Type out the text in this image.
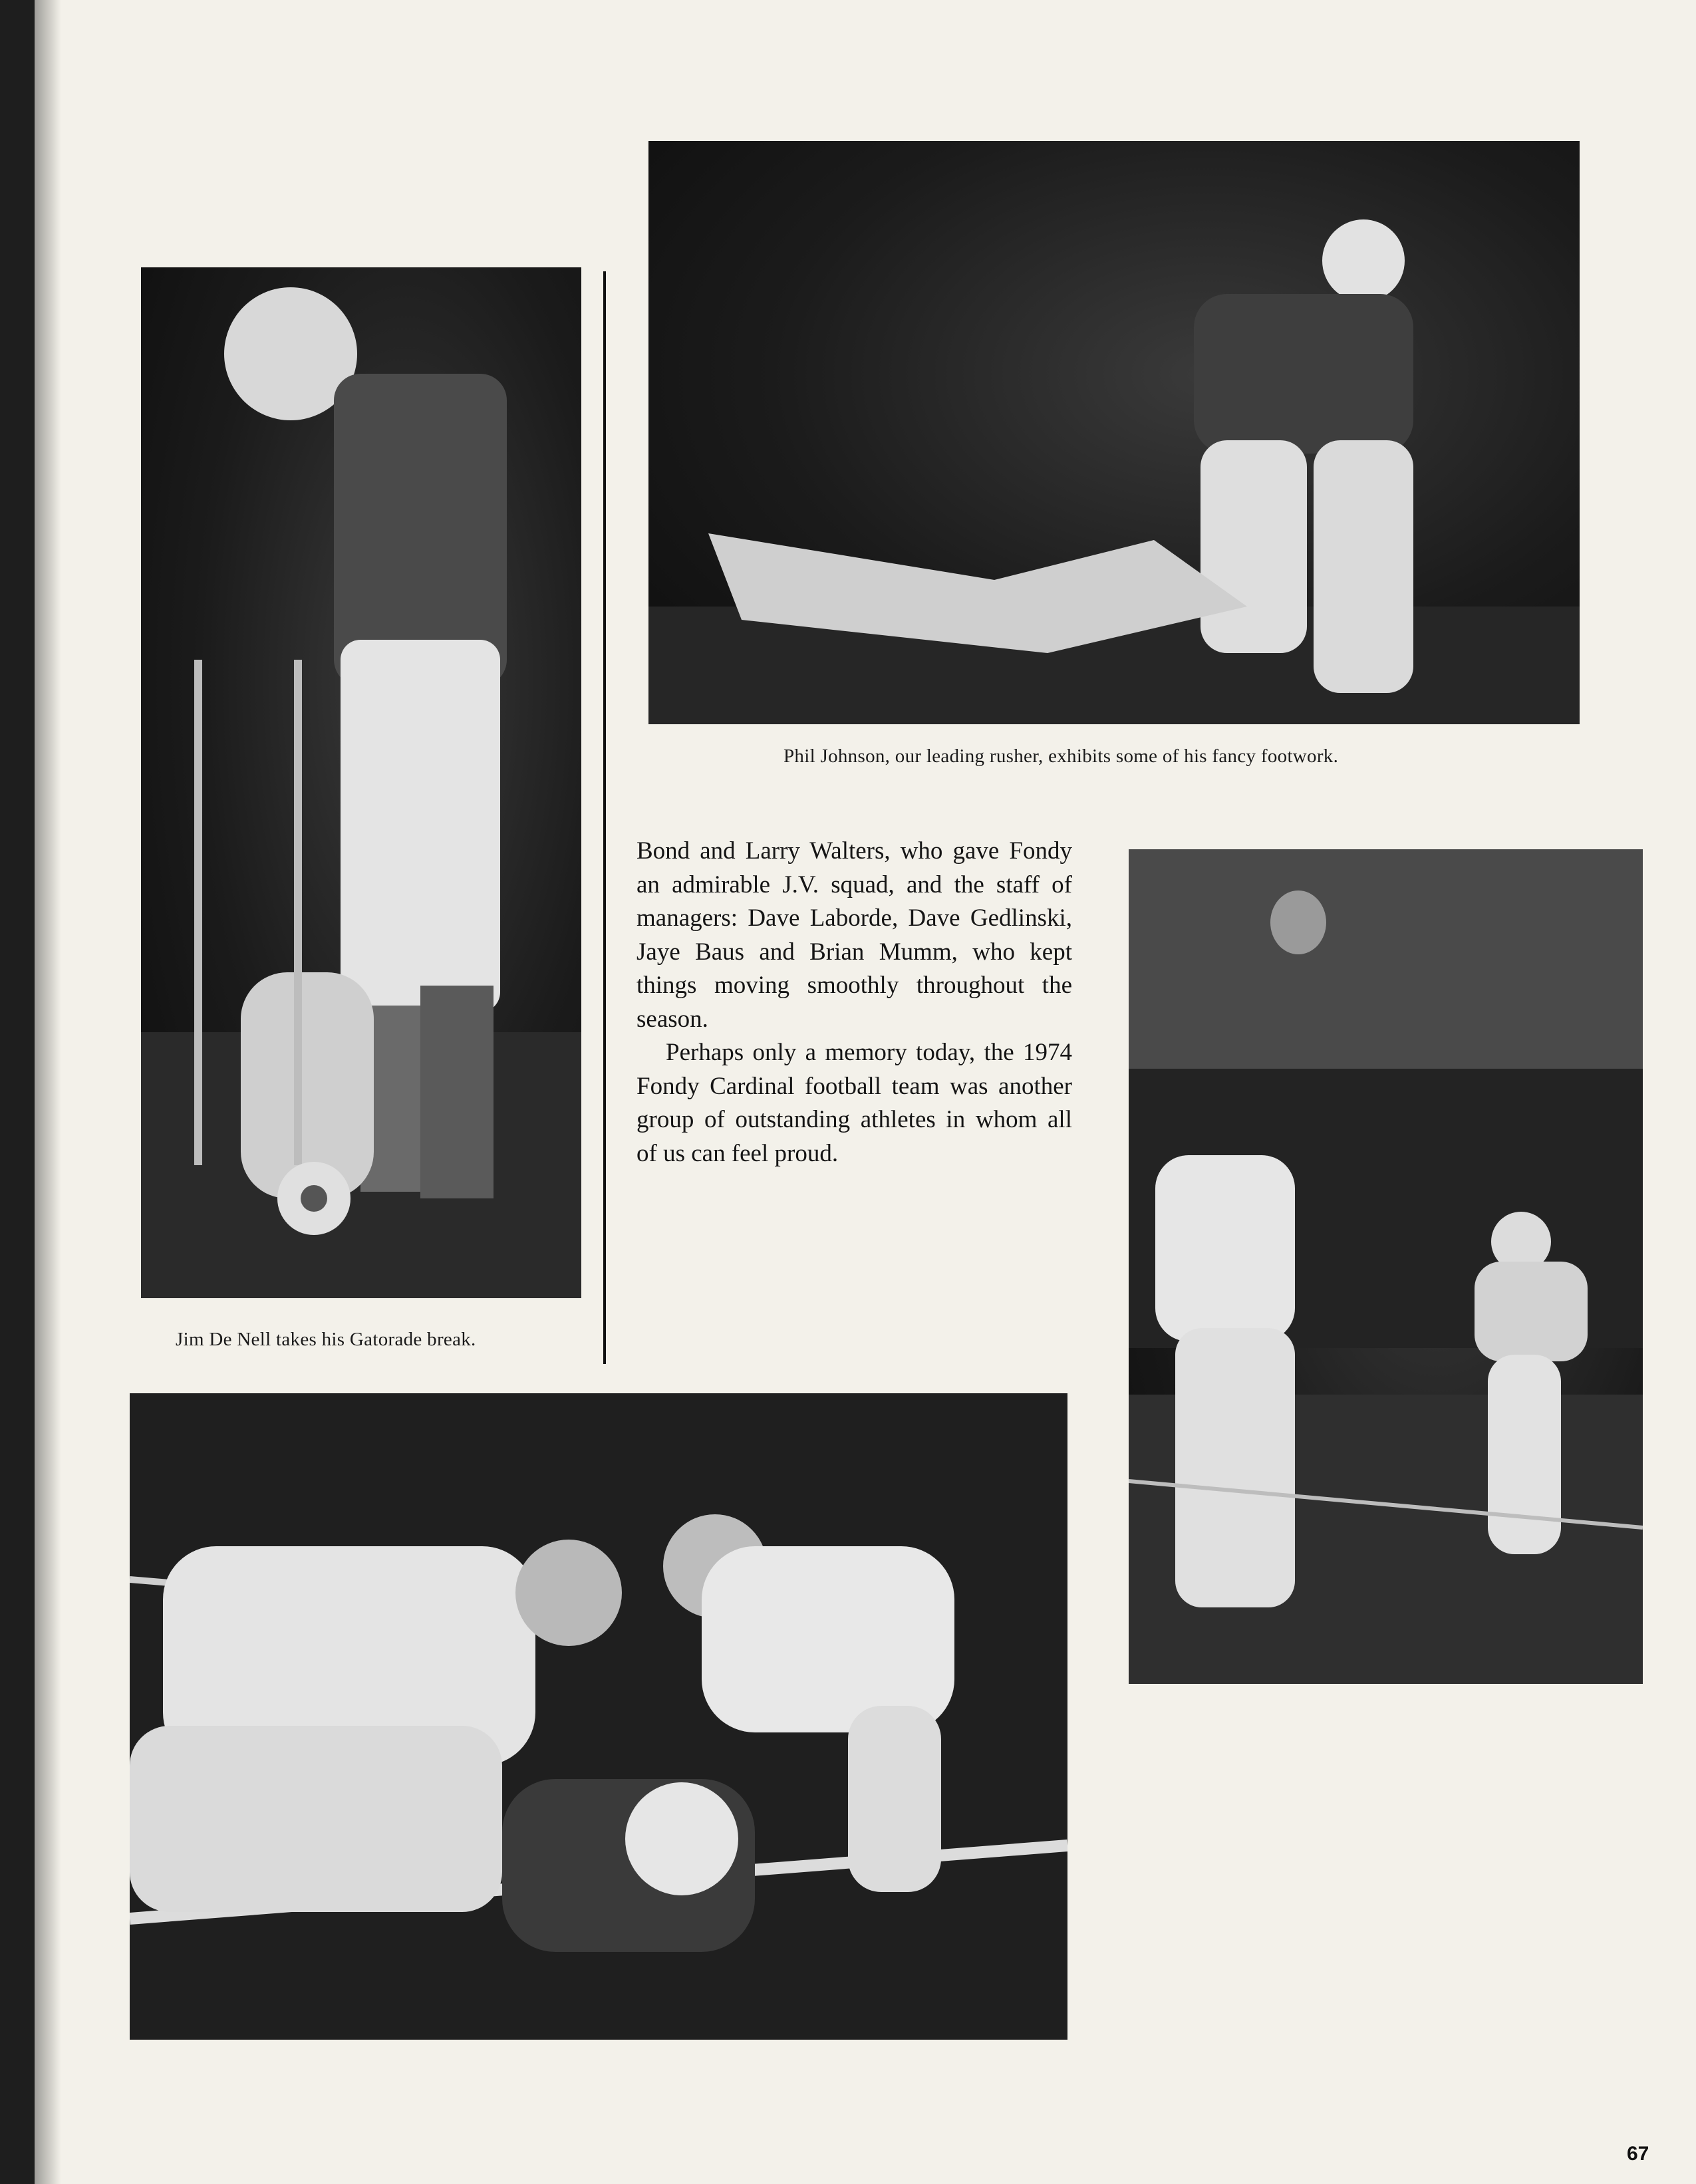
Jim De Nell takes his Gatorade break.
Phil Johnson, our leading rusher, exhibits some of his fancy footwork.

Bond and Larry Walters, who gave Fondy an admirable J.V. squad, and the staff of managers: Dave Laborde, Dave Gedlinski, Jaye Baus and Brian Mumm, who kept things moving smoothly throughout the season.

Perhaps only a memory today, the 1974 Fondy Cardinal football team was another group of outstanding athletes in whom all of us can feel proud.

67
